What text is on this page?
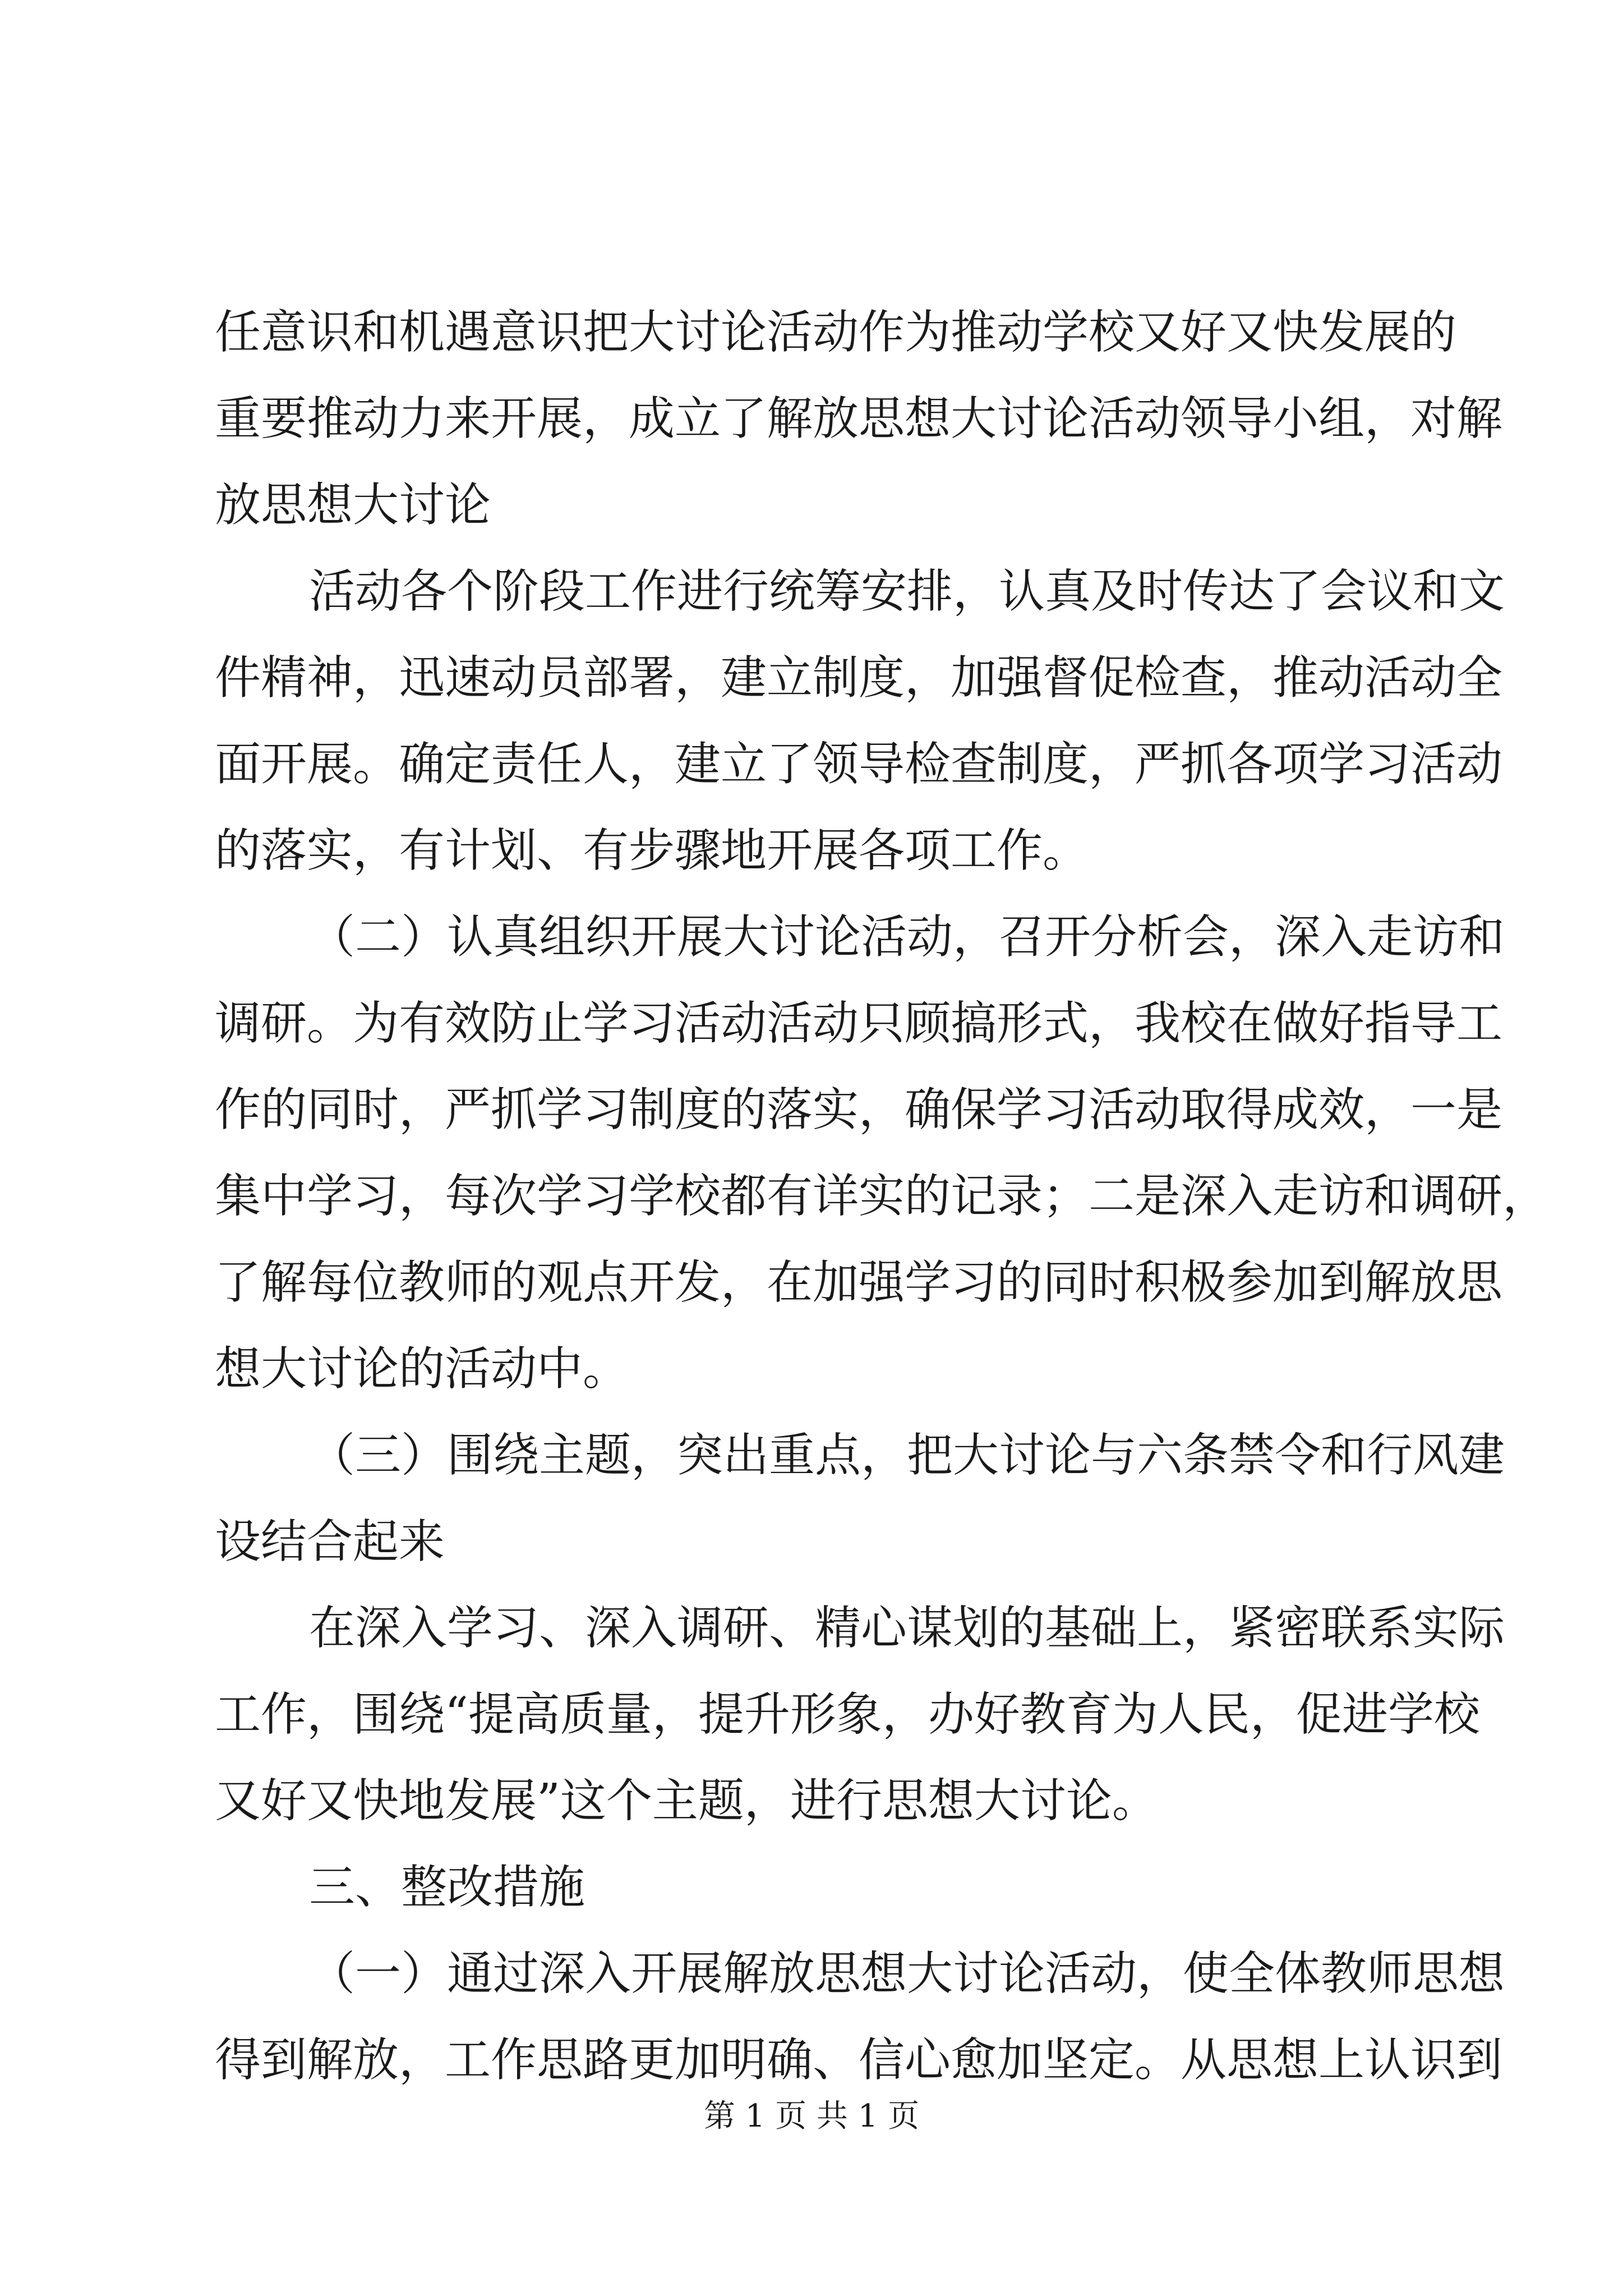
任意识和机遇意识把大讨论活动作为推动学校又好又快发展的
重要推动力来开展，成立了解放思想大讨论活动领导小组，对解
放思想大讨论
活动各个阶段工作进行统筹安排，认真及时传达了会议和文
件精神，迅速动员部署，建立制度，加强督促检查，推动活动全
面开展。确定责任人，建立了领导检查制度，严抓各项学习活动
的落实，有计划、有步骤地开展各项工作。
（二）认真组织开展大讨论活动，召开分析会，深入走访和
调研。为有效防止学习活动活动只顾搞形式，我校在做好指导工
作的同时，严抓学习制度的落实，确保学习活动取得成效，一是
集中学习，每次学习学校都有详实的记录；二是深入走访和调研，
了解每位教师的观点开发，在加强学习的同时积极参加到解放思
想大讨论的活动中。
（三）围绕主题，突出重点，把大讨论与六条禁令和行风建
设结合起来
在深入学习、深入调研、精心谋划的基础上，紧密联系实际
工作，围绕“提高质量，提升形象，办好教育为人民，促进学校
又好又快地发展”这个主题，进行思想大讨论。
三、整改措施
（一）通过深入开展解放思想大讨论活动，使全体教师思想
得到解放，工作思路更加明确、信心愈加坚定。从思想上认识到
第 1 页 共 1 页
